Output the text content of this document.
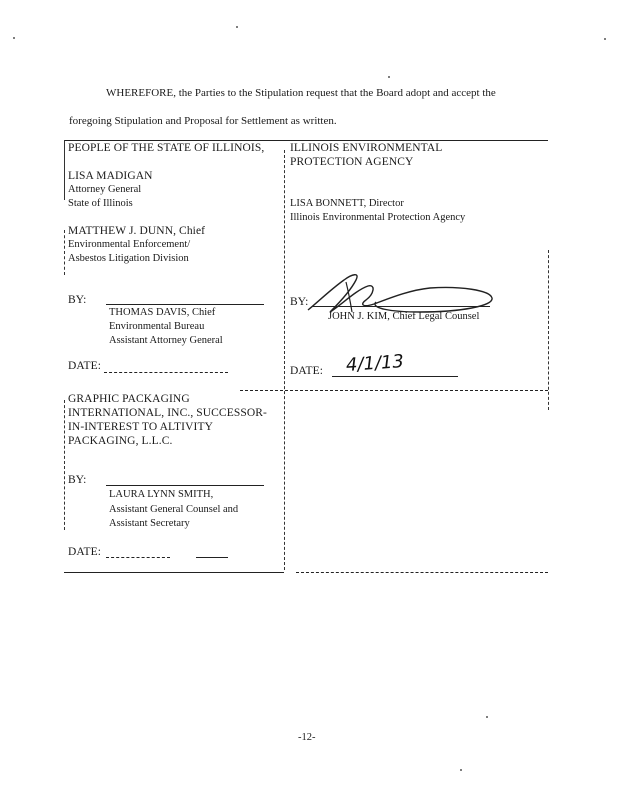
WHEREFORE, the Parties to the Stipulation request that the Board adopt and accept the
foregoing Stipulation and Proposal for Settlement as written.
PEOPLE OF THE STATE OF ILLINOIS,
LISA MADIGAN
Attorney General
State of Illinois
MATTHEW J. DUNN, Chief
Environmental Enforcement/
Asbestos Litigation Division
BY:
THOMAS DAVIS, Chief
Environmental Bureau
Assistant Attorney General
DATE:
ILLINOIS ENVIRONMENTAL
PROTECTION AGENCY
LISA BONNETT, Director
Illinois Environmental Protection Agency
BY:
JOHN J. KIM, Chief Legal Counsel
DATE: 4/1/13
GRAPHIC PACKAGING
INTERNATIONAL, INC., SUCCESSOR-
IN-INTEREST TO ALTIVITY
PACKAGING, L.L.C.
BY:
LAURA LYNN SMITH,
Assistant General Counsel and
Assistant Secretary
DATE:
-12-
